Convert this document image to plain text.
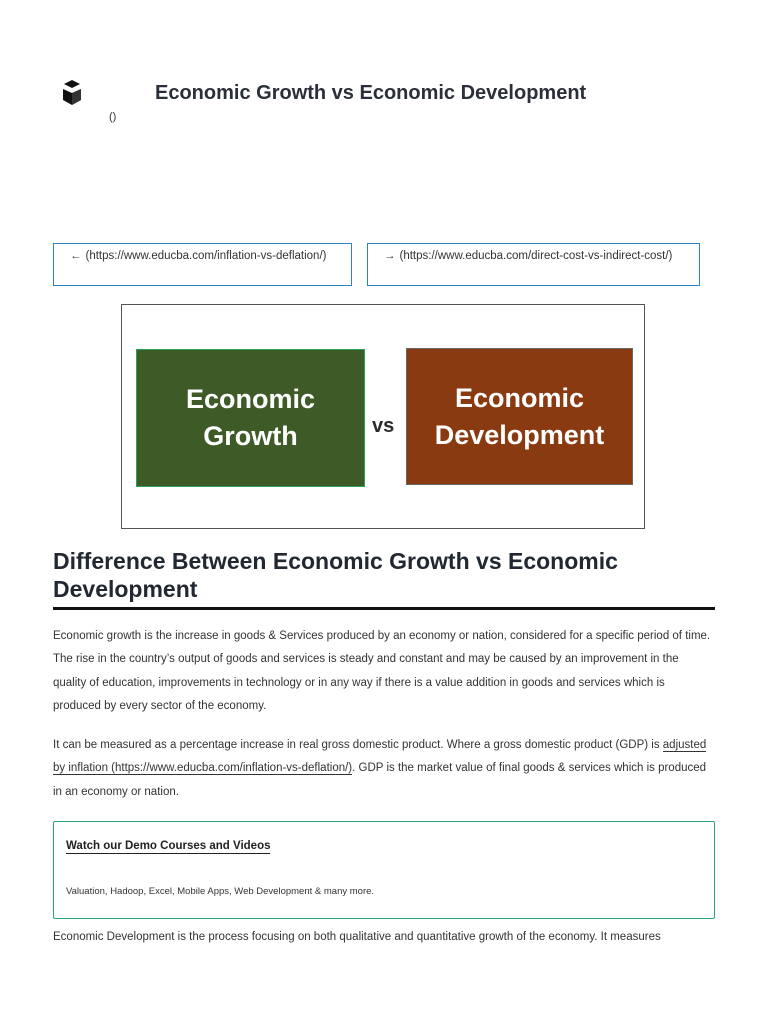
Economic Growth vs Economic Development
()
← (https://www.educba.com/inflation-vs-deflation/)	→ (https://www.educba.com/direct-cost-vs-indirect-cost/)
Economic
Growth	vs
Economic
Development
Difference Between Economic Growth vs Economic Development

Economic growth is the increase in goods & Services produced by an economy or nation, considered for a specific period of time. The rise in the country’s output of goods and services is steady and constant and may be caused by an improvement in the quality of education, improvements in technology or in any way if there is a value addition in goods and services which is produced by every sector of the economy.

It can be measured as a percentage increase in real gross domestic product. Where a gross domestic product (GDP) is adjusted by inflation (https://www.educba.com/inflation-vs-deflation/). GDP is the market value of final goods & services which is produced in an economy or nation.

Watch our Demo Courses and Videos
Valuation, Hadoop, Excel, Mobile Apps, Web Development & many more.

Economic Development is the process focusing on both qualitative and quantitative growth of the economy. It measures
